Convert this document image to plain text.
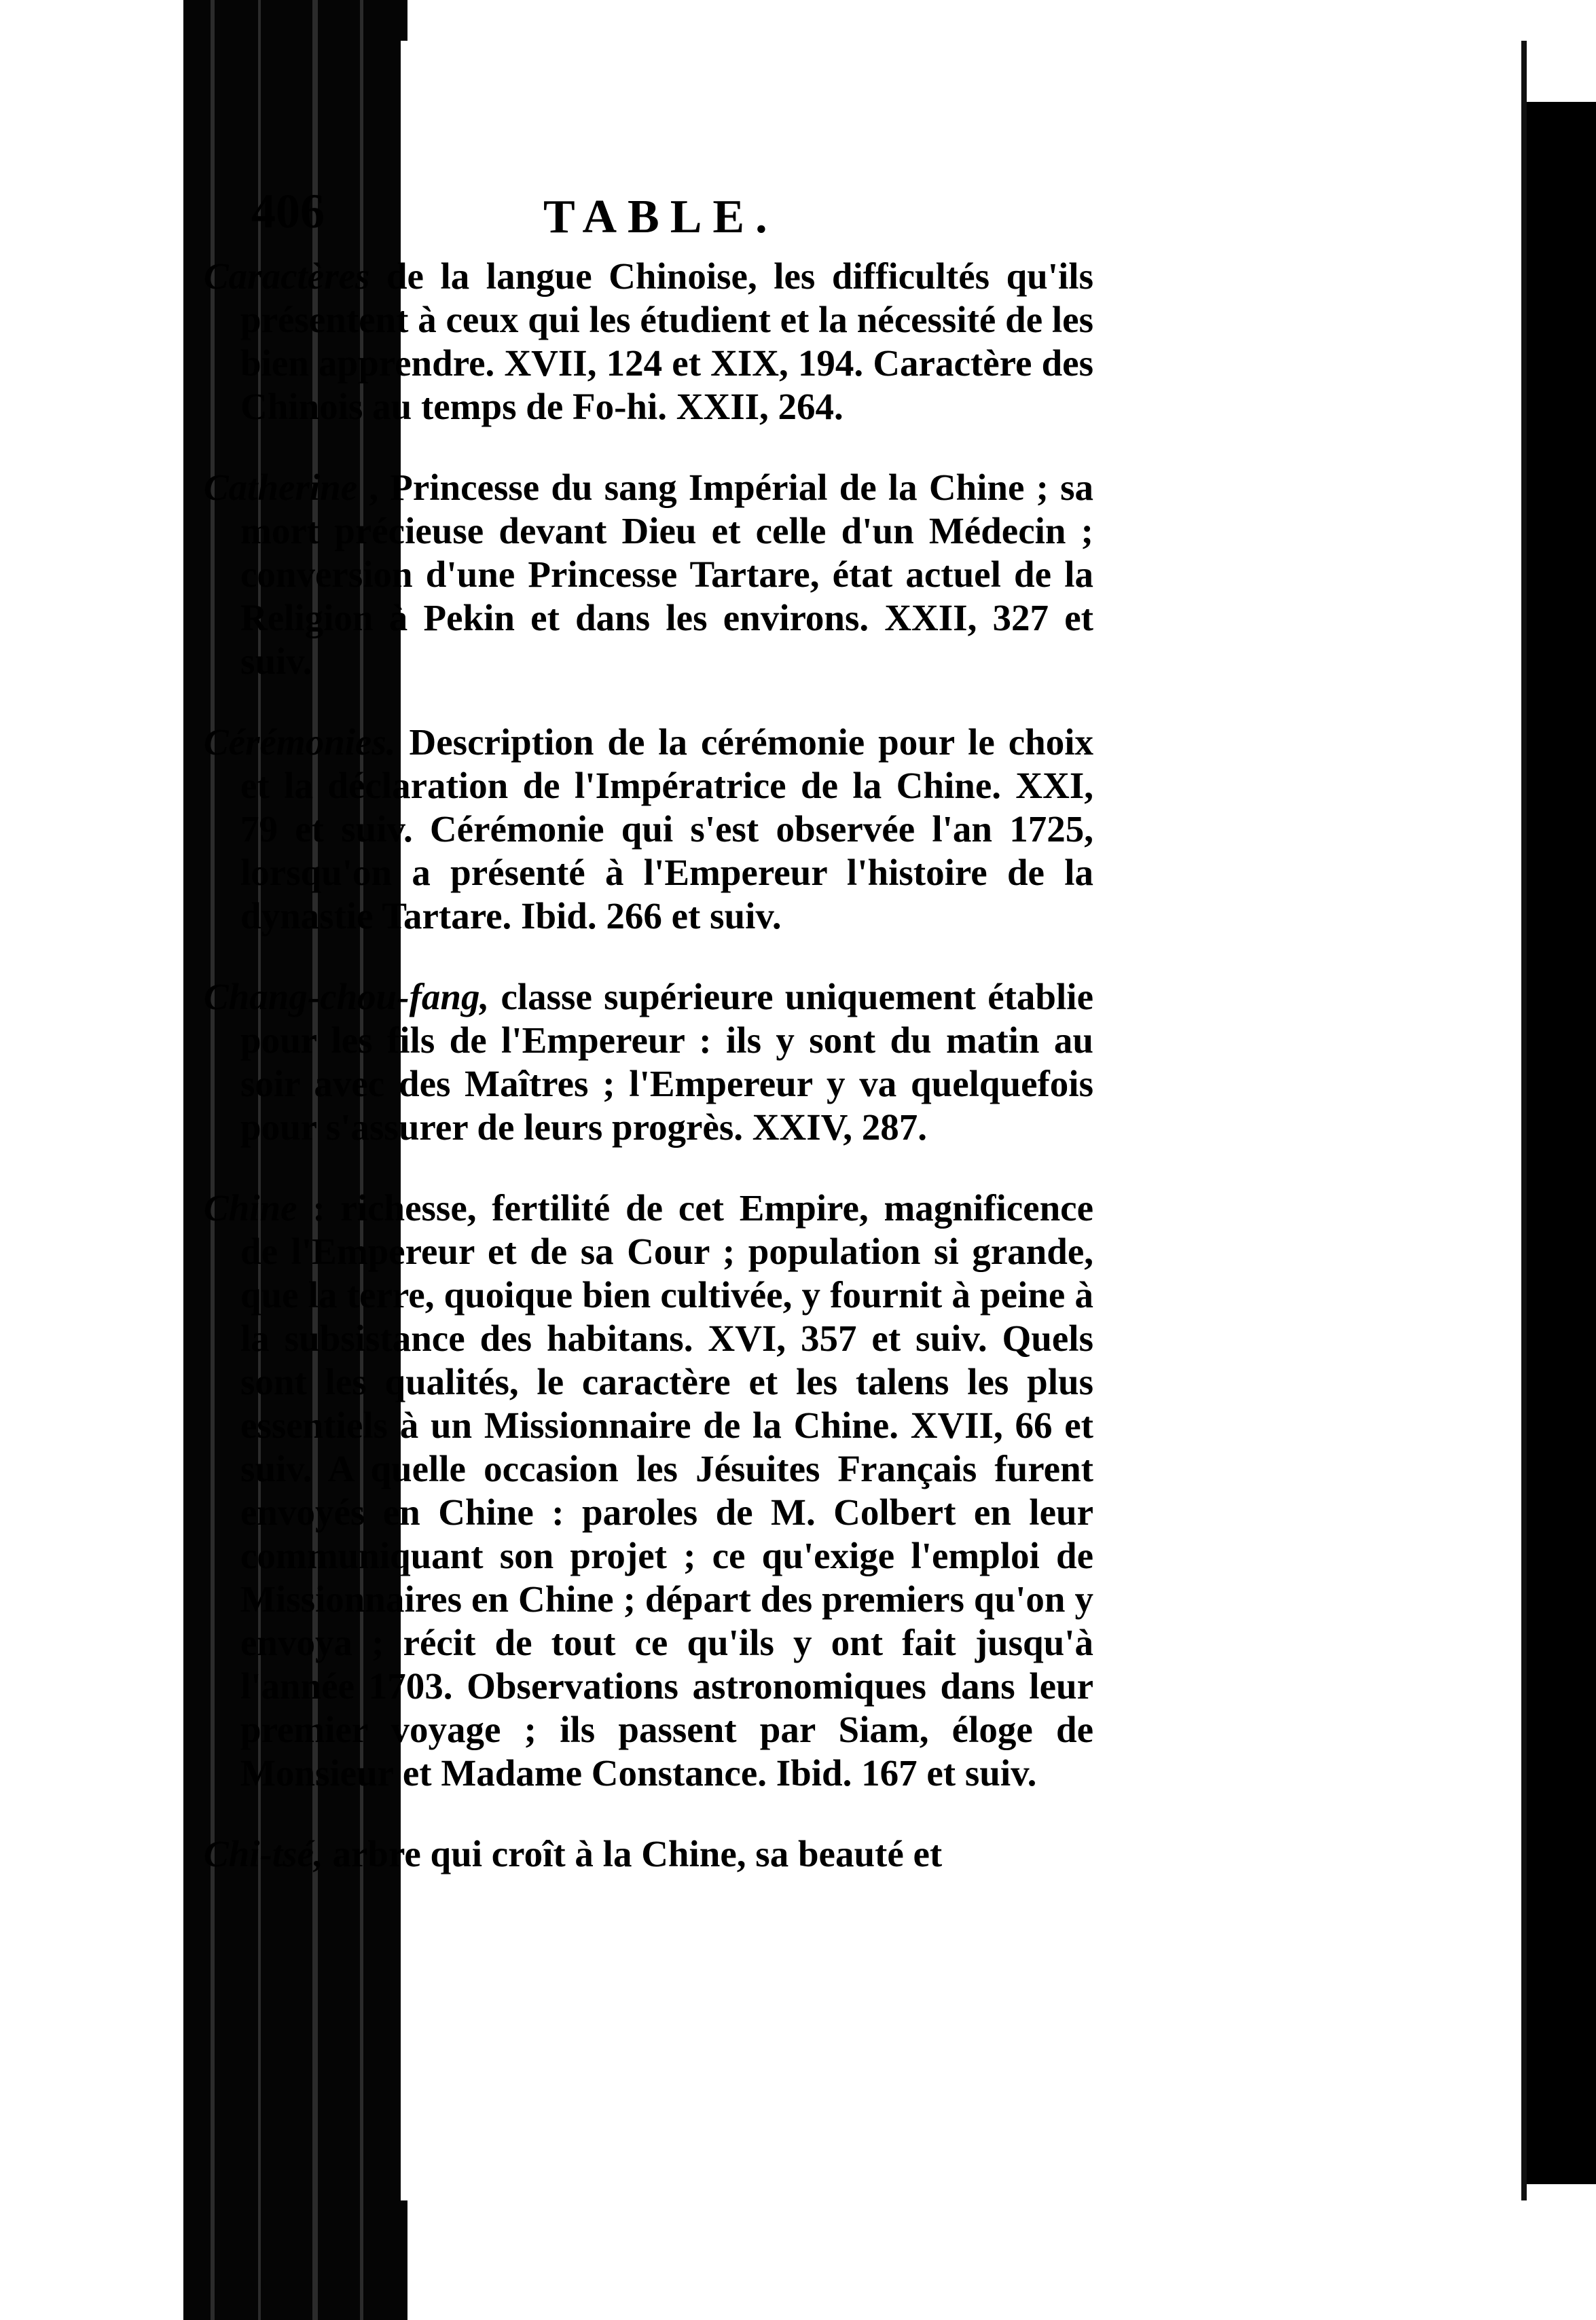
406	TABLE.

Caractères de la langue Chinoise, les difficultés qu'ils présentent à ceux qui les étudient et la nécessité de les bien apprendre. XVII, 124 et XIX, 194. Caractère des Chinois au temps de Fo-hi. XXII, 264.

Catherine , Princesse du sang Impérial de la Chine ; sa mort précieuse devant Dieu et celle d'un Médecin ; conversion d'une Princesse Tartare, état actuel de la Religion à Pekin et dans les environs. XXII, 327 et suiv.

Cérémonies. Description de la cérémonie pour le choix et la déclaration de l'Impératrice de la Chine. XXI, 79 et suiv. Cérémonie qui s'est observée l'an 1725, lorsqu'on a présenté à l'Empereur l'histoire de la dynastie Tartare. Ibid. 266 et suiv.

Chang-chou-fang, classe supérieure uniquement établie pour les fils de l'Empereur : ils y sont du matin au soir avec des Maîtres ; l'Empereur y va quelquefois pour s'assurer de leurs progrès. XXIV, 287.

Chine : richesse, fertilité de cet Empire, magnificence de l'Empereur et de sa Cour ; population si grande, que la terre, quoique bien cultivée, y fournit à peine à la subsistance des habitans. XVI, 357 et suiv. Quels sont les qualités, le caractère et les talens les plus essentiels à un Missionnaire de la Chine. XVII, 66 et suiv. A quelle occasion les Jésuites Français furent envoyés en Chine : paroles de M. Colbert en leur communiquant son projet ; ce qu'exige l'emploi de Missionnaires en Chine ; départ des premiers qu'on y envoya ; récit de tout ce qu'ils y ont fait jusqu'à l'année 1703. Observations astronomiques dans leur premier voyage ; ils passent par Siam, éloge de Monsieur et Madame Constance. Ibid. 167 et suiv.

Chi-tsé, arbre qui croît à la Chine, sa beauté et
